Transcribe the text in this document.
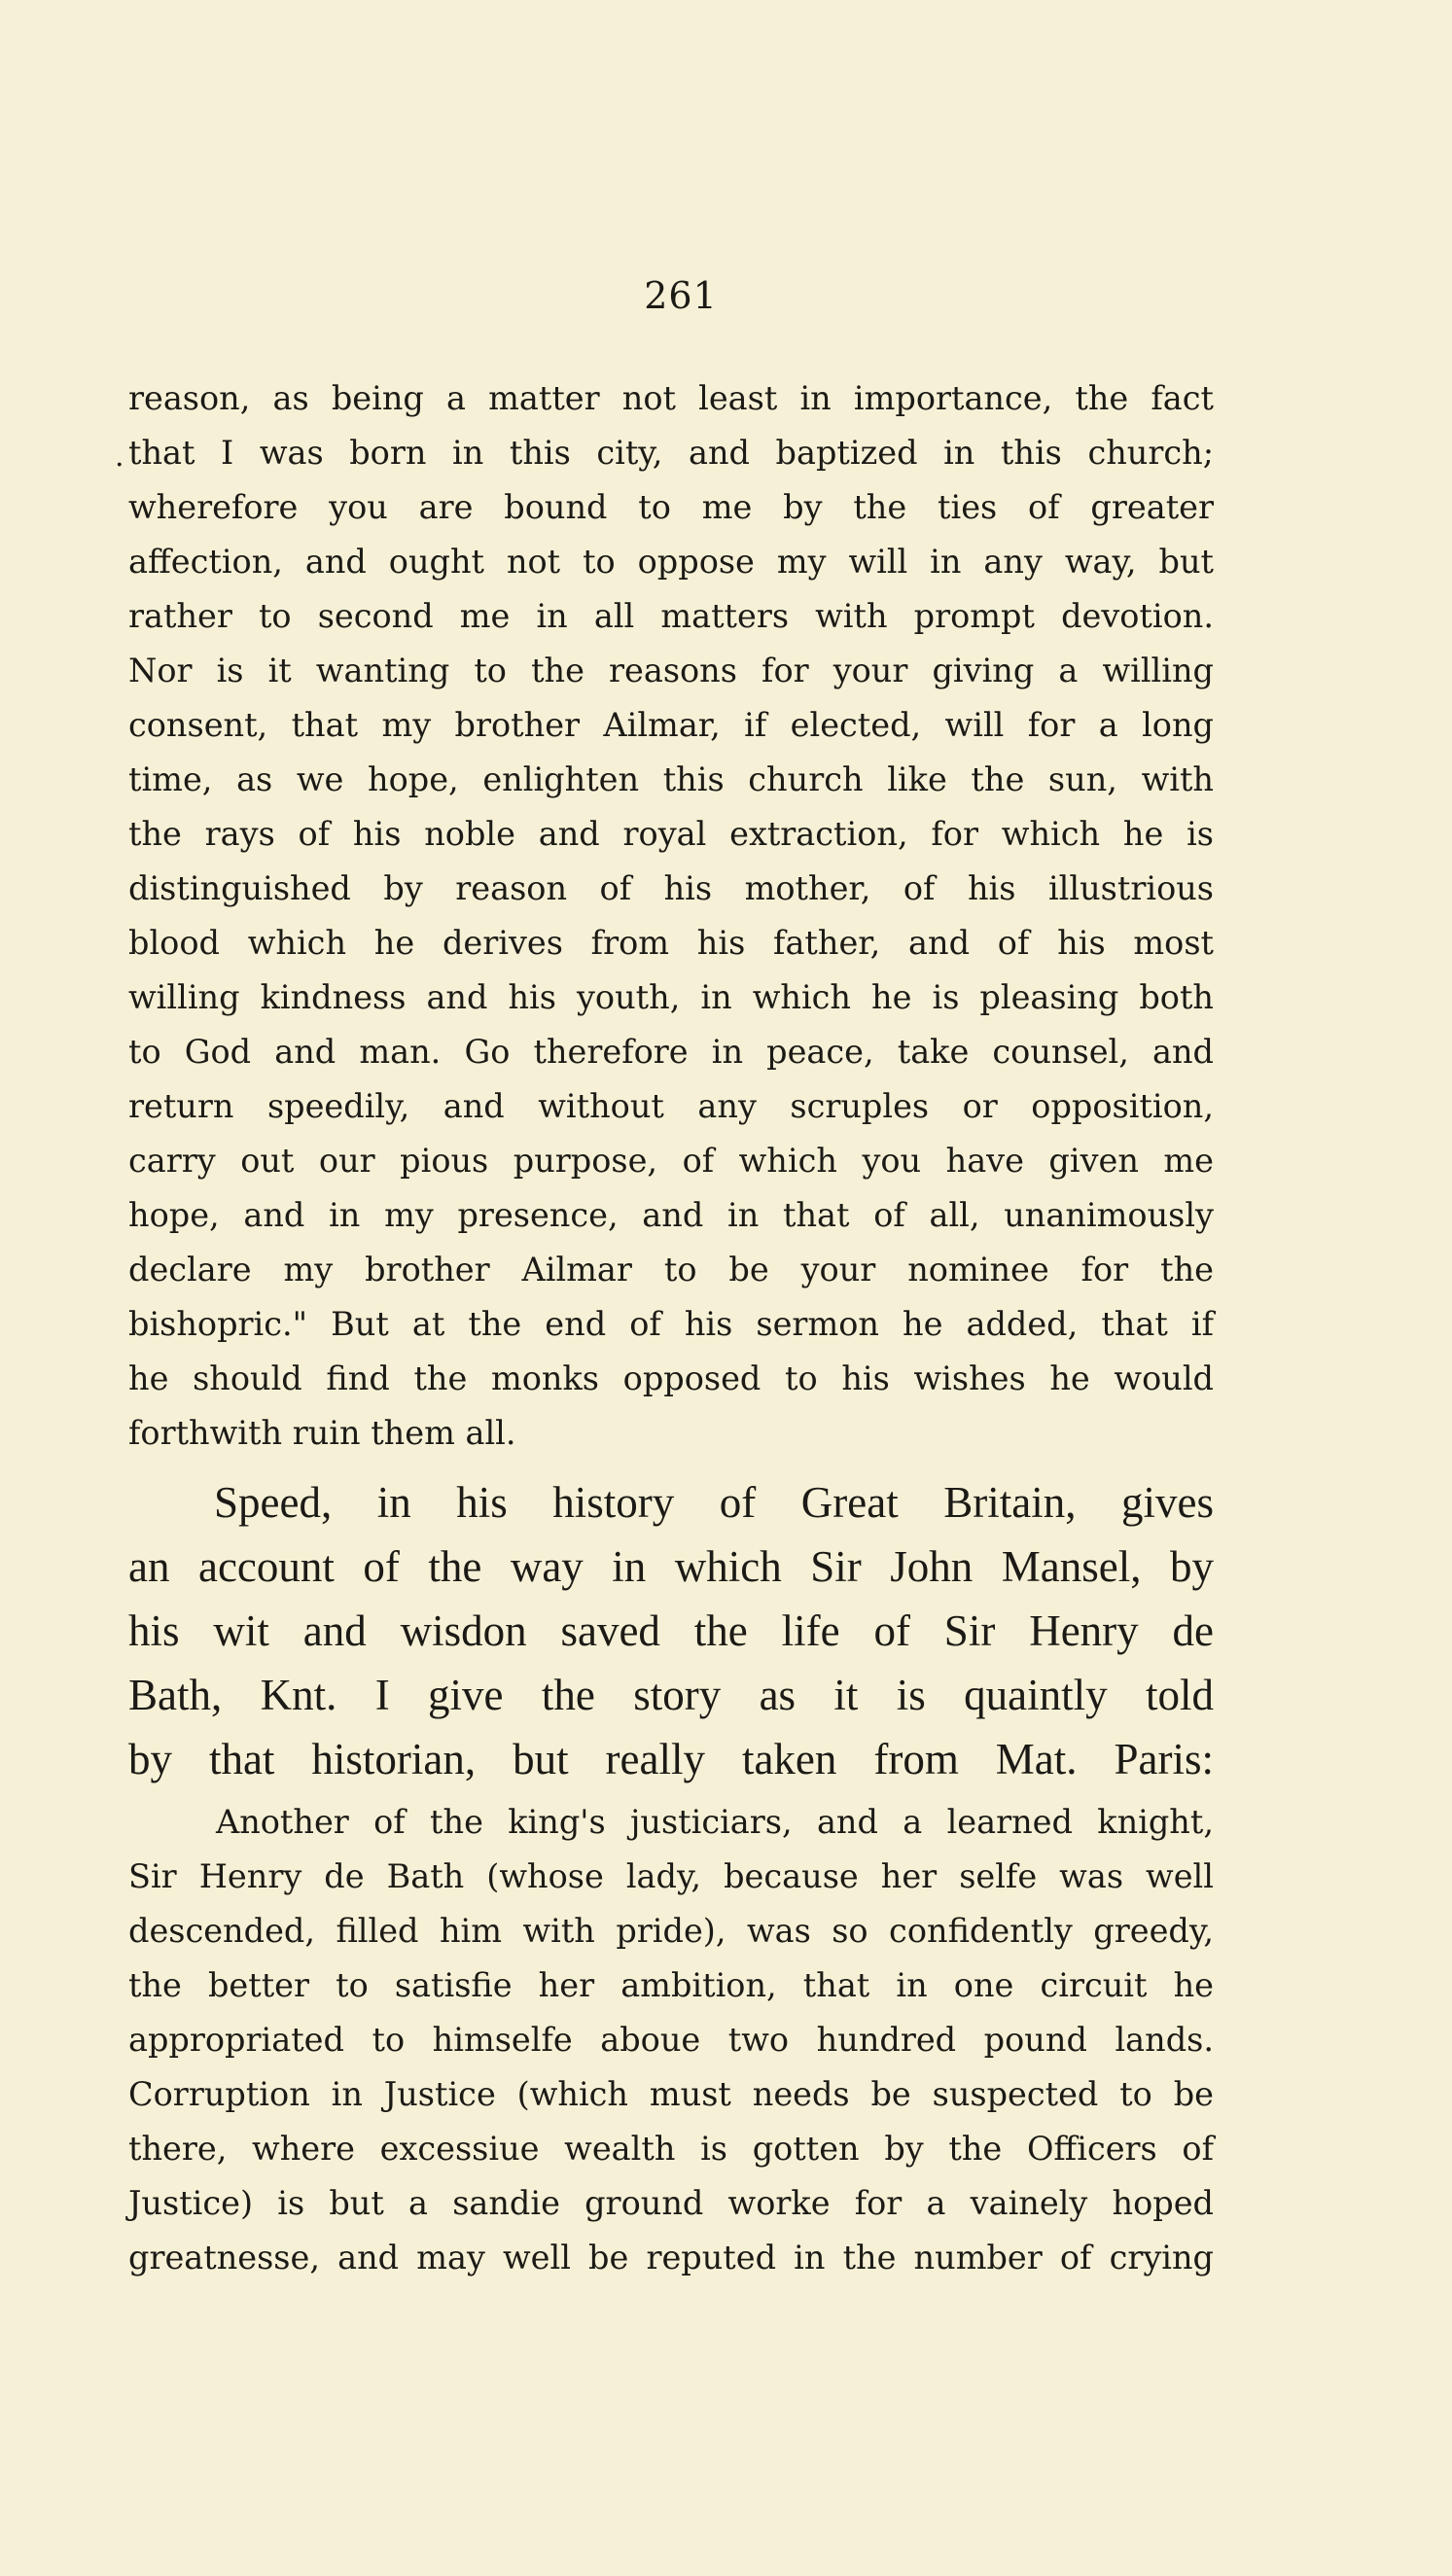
261
.
reason, as being a matter not least in importance, the fact
that I was born in this city, and baptized in this church;
wherefore you are bound to me by the ties of greater
affection, and ought not to oppose my will in any way, but
rather to second me in all matters with prompt devotion.
Nor is it wanting to the reasons for your giving a willing
consent, that my brother Ailmar, if elected, will for a long
time, as we hope, enlighten this church like the sun, with
the rays of his noble and royal extraction, for which he is
distinguished by reason of his mother, of his illustrious
blood which he derives from his father, and of his most
willing kindness and his youth, in which he is pleasing both
to God and man. Go therefore in peace, take counsel, and
return speedily, and without any scruples or opposition,
carry out our pious purpose, of which you have given me
hope, and in my presence, and in that of all, unanimously
declare my brother Ailmar to be your nominee for the
bishopric." But at the end of his sermon he added, that if
he should find the monks opposed to his wishes he would
forthwith ruin them all.
Speed, in his history of Great Britain, gives
an account of the way in which Sir John Mansel, by
his wit and wisdon saved the life of Sir Henry de
Bath, Knt. I give the story as it is quaintly told
by that historian, but really taken from Mat. Paris:
Another of the king's justiciars, and a learned knight,
Sir Henry de Bath (whose lady, because her selfe was well
descended, filled him with pride), was so confidently greedy,
the better to satisfie her ambition, that in one circuit he
appropriated to himselfe aboue two hundred pound lands.
Corruption in Justice (which must needs be suspected to be
there, where excessiue wealth is gotten by the Officers of
Justice) is but a sandie ground worke for a vainely hoped
greatnesse, and may well be reputed in the number of crying
